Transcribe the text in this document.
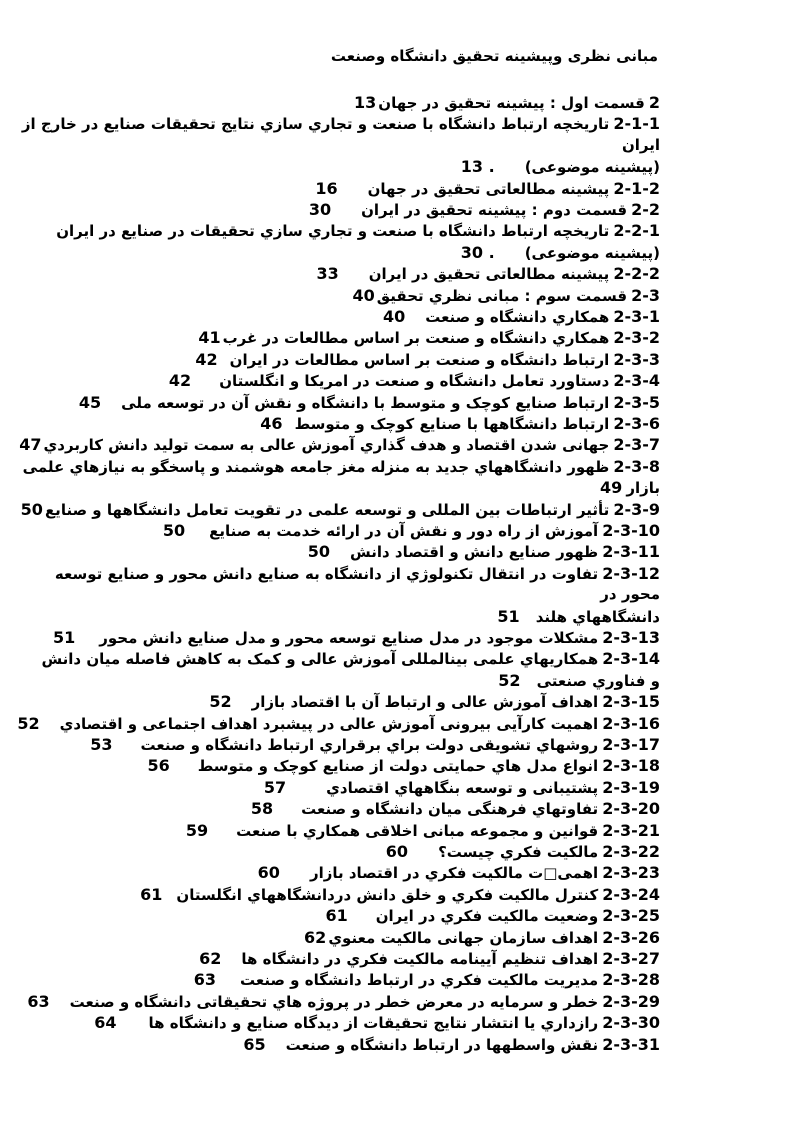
مبانی نظری وپیشینه تحقیق دانشگاه وصنعت
2قسمت اول : پیشینه تحقیق در جهان13
2-1-1تاریخچه ارتباط دانشگاه با صنعت و تجاري سازي نتایج تحقیقات صنایع در خارج از
ایران
(پیشینه موضوعی)13 .
2-1-2پیشینه مطالعاتی تحقیق در جهان16
2-2قسمت دوم : پیشینه تحقیق در ایران30
2-2-1تاریخچه ارتباط دانشگاه با صنعت و تجاري سازي تحقیقات در صنایع در ایران
(پیشینه موضوعی)30 .
2-2-2پیشینه مطالعاتی تحقیق در ایران33
2-3قسمت سوم : مبانی نظري تحقیق40
2-3-1همکاري دانشگاه و صنعت40
2-3-2همکاري دانشگاه و صنعت بر اساس مطالعات در غرب41
2-3-3ارتباط دانشگاه و صنعت بر اساس مطالعات در ایران42
2-3-4دستاورد تعامل دانشگاه و صنعت در امریکا و انگلستان42
2-3-5ارتباط صنایع کوچک و متوسط با دانشگاه و نقش آن در توسعه ملی45
2-3-6ارتباط دانشگاهها با صنایع کوچک و متوسط46
2-3-7جهانی شدن اقتصاد و هدف گذاري آموزش عالی به سمت تولید دانش کاربردي47
2-3-8ظهور دانشگاههاي جدید به منزله مغز جامعه هوشمند و پاسخگو به نیازهاي علمی
بازار49
2-3-9تأثیر ارتباطات بین المللی و توسعه علمی در تقویت تعامل دانشگاهها و صنایع50
2-3-10آموزش از راه دور و نقش آن در ارائه خدمت به صنایع50
2-3-11ظهور صنایع دانش و اقتصاد دانش50
2-3-12تفاوت در انتقال تکنولوژي از دانشگاه به صنایع دانش محور و صنایع توسعه
محور در
دانشگاههاي هلند51
2-3-13مشکلات موجود در مدل صنایع توسعه محور و مدل صنایع دانش محور51
2-3-14همکاریهاي علمی بینالمللی آموزش عالی و کمک به کاهش فاصله میان دانش
و فناوري صنعتی52
2-3-15اهداف آموزش عالی و ارتباط آن با اقتصاد بازار52
2-3-16اهمیت کارآیی بیرونی آموزش عالی در پیشبرد اهداف اجتماعی و اقتصادي52
2-3-17روشهاي تشویقی دولت براي برقراري ارتباط دانشگاه و صنعت53
2-3-18انواع مدل هاي حمایتی دولت از صنایع کوچک و متوسط56
2-3-19پشتیبانی و توسعه بنگاههاي اقتصادي57
2-3-20تفاوتهاي فرهنگی میان دانشگاه و صنعت58
2-3-21قوانین و مجموعه مبانی اخلاقی همکاري با صنعت59
2-3-22مالکیت فکري چیست؟60
2-3-23اهمی□ت مالکیت فکري در اقتصاد بازار60
2-3-24کنترل مالکیت فکري و خلق دانش دردانشگاههاي انگلستان61
2-3-25وضعیت مالکیت فکري در ایران61
2-3-26اهداف سازمان جهانی مالکیت معنوي62
2-3-27اهداف تنظیم آیینامه مالکیت فکري در دانشگاه ها62
2-3-28مدیریت مالکیت فکري در ارتباط دانشگاه و صنعت63
2-3-29خطر و سرمایه در معرض خطر در پروژه هاي تحقیقاتی دانشگاه و صنعت63
2-3-30رازداري یا انتشار نتایج تحقیقات از دیدگاه صنایع و دانشگاه ها64
2-3-31نقش واسطهها در ارتباط دانشگاه و صنعت65
